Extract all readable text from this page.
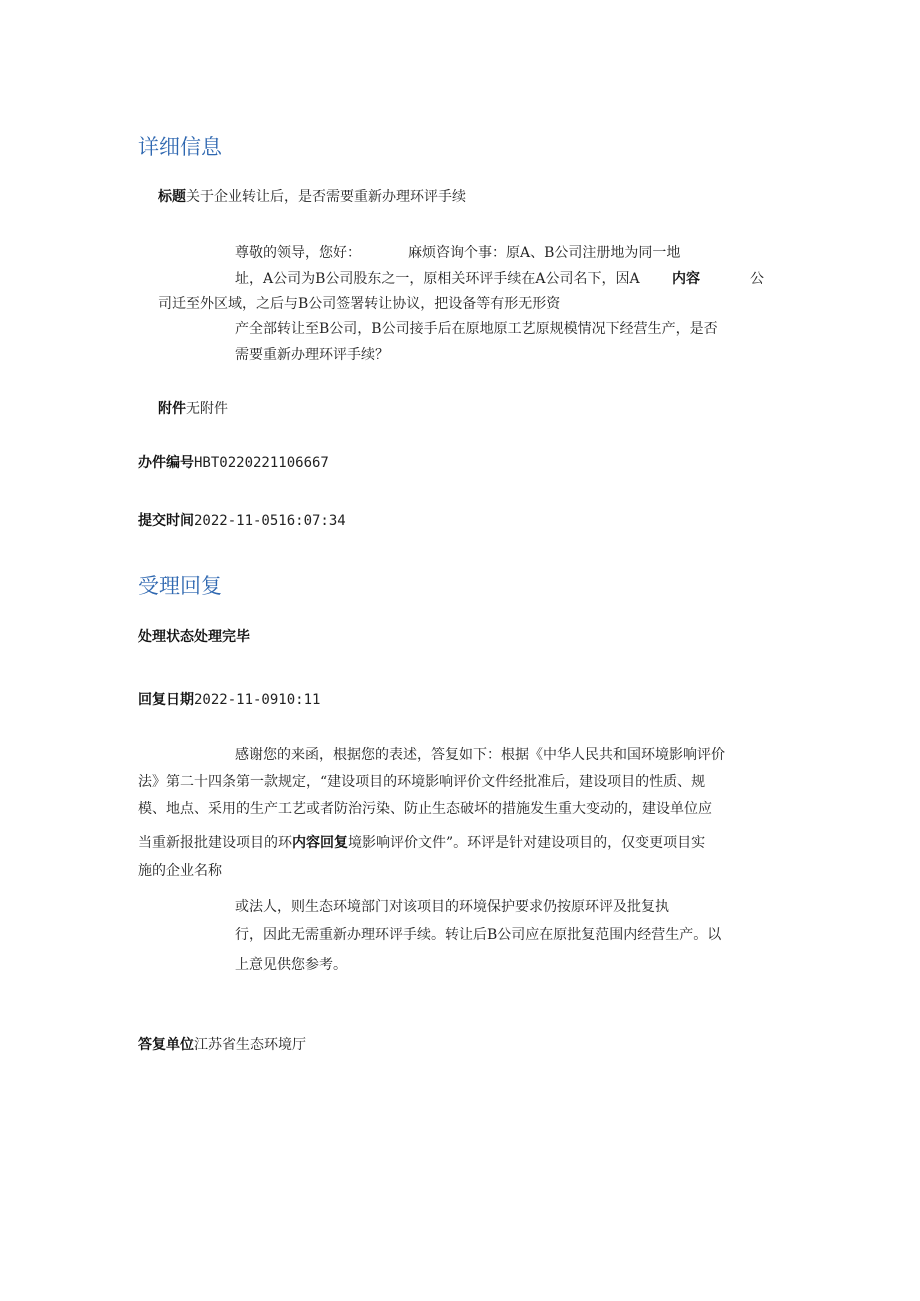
详细信息
标题关于企业转让后，是否需要重新办理环评手续
尊敬的领导，您好：	麻烦咨询个事：原A、B公司注册地为同一地
址，A公司为B公司股东之一，原相关环评手续在A公司名下，因A 内容	公
司迁至外区域，之后与B公司签署转让协议，把设备等有形无形资
产全部转让至B公司，B公司接手后在原地原工艺原规模情况下经营生产，是否
需要重新办理环评手续？
附件无附件
办件编号HBT0220221106667
提交时间2022-11-0516:07:34
受理回复
处理状态处理完毕
回复日期2022-11-0910:11
感谢您的来函，根据您的表述，答复如下：根据《中华人民共和国环境影响评价
法》第二十四条第一款规定，“建设项目的环境影响评价文件经批准后，建设项目的性质、规
模、地点、采用的生产工艺或者防治污染、防止生态破坏的措施发生重大变动的，建设单位应
当重新报批建设项目的环内容回复境影响评价文件”。环评是针对建设项目的，仅变更项目实
施的企业名称
或法人，则生态环境部门对该项目的环境保护要求仍按原环评及批复执
行，因此无需重新办理环评手续。转让后B公司应在原批复范围内经营生产。以
上意见供您参考。
答复单位江苏省生态环境厅
